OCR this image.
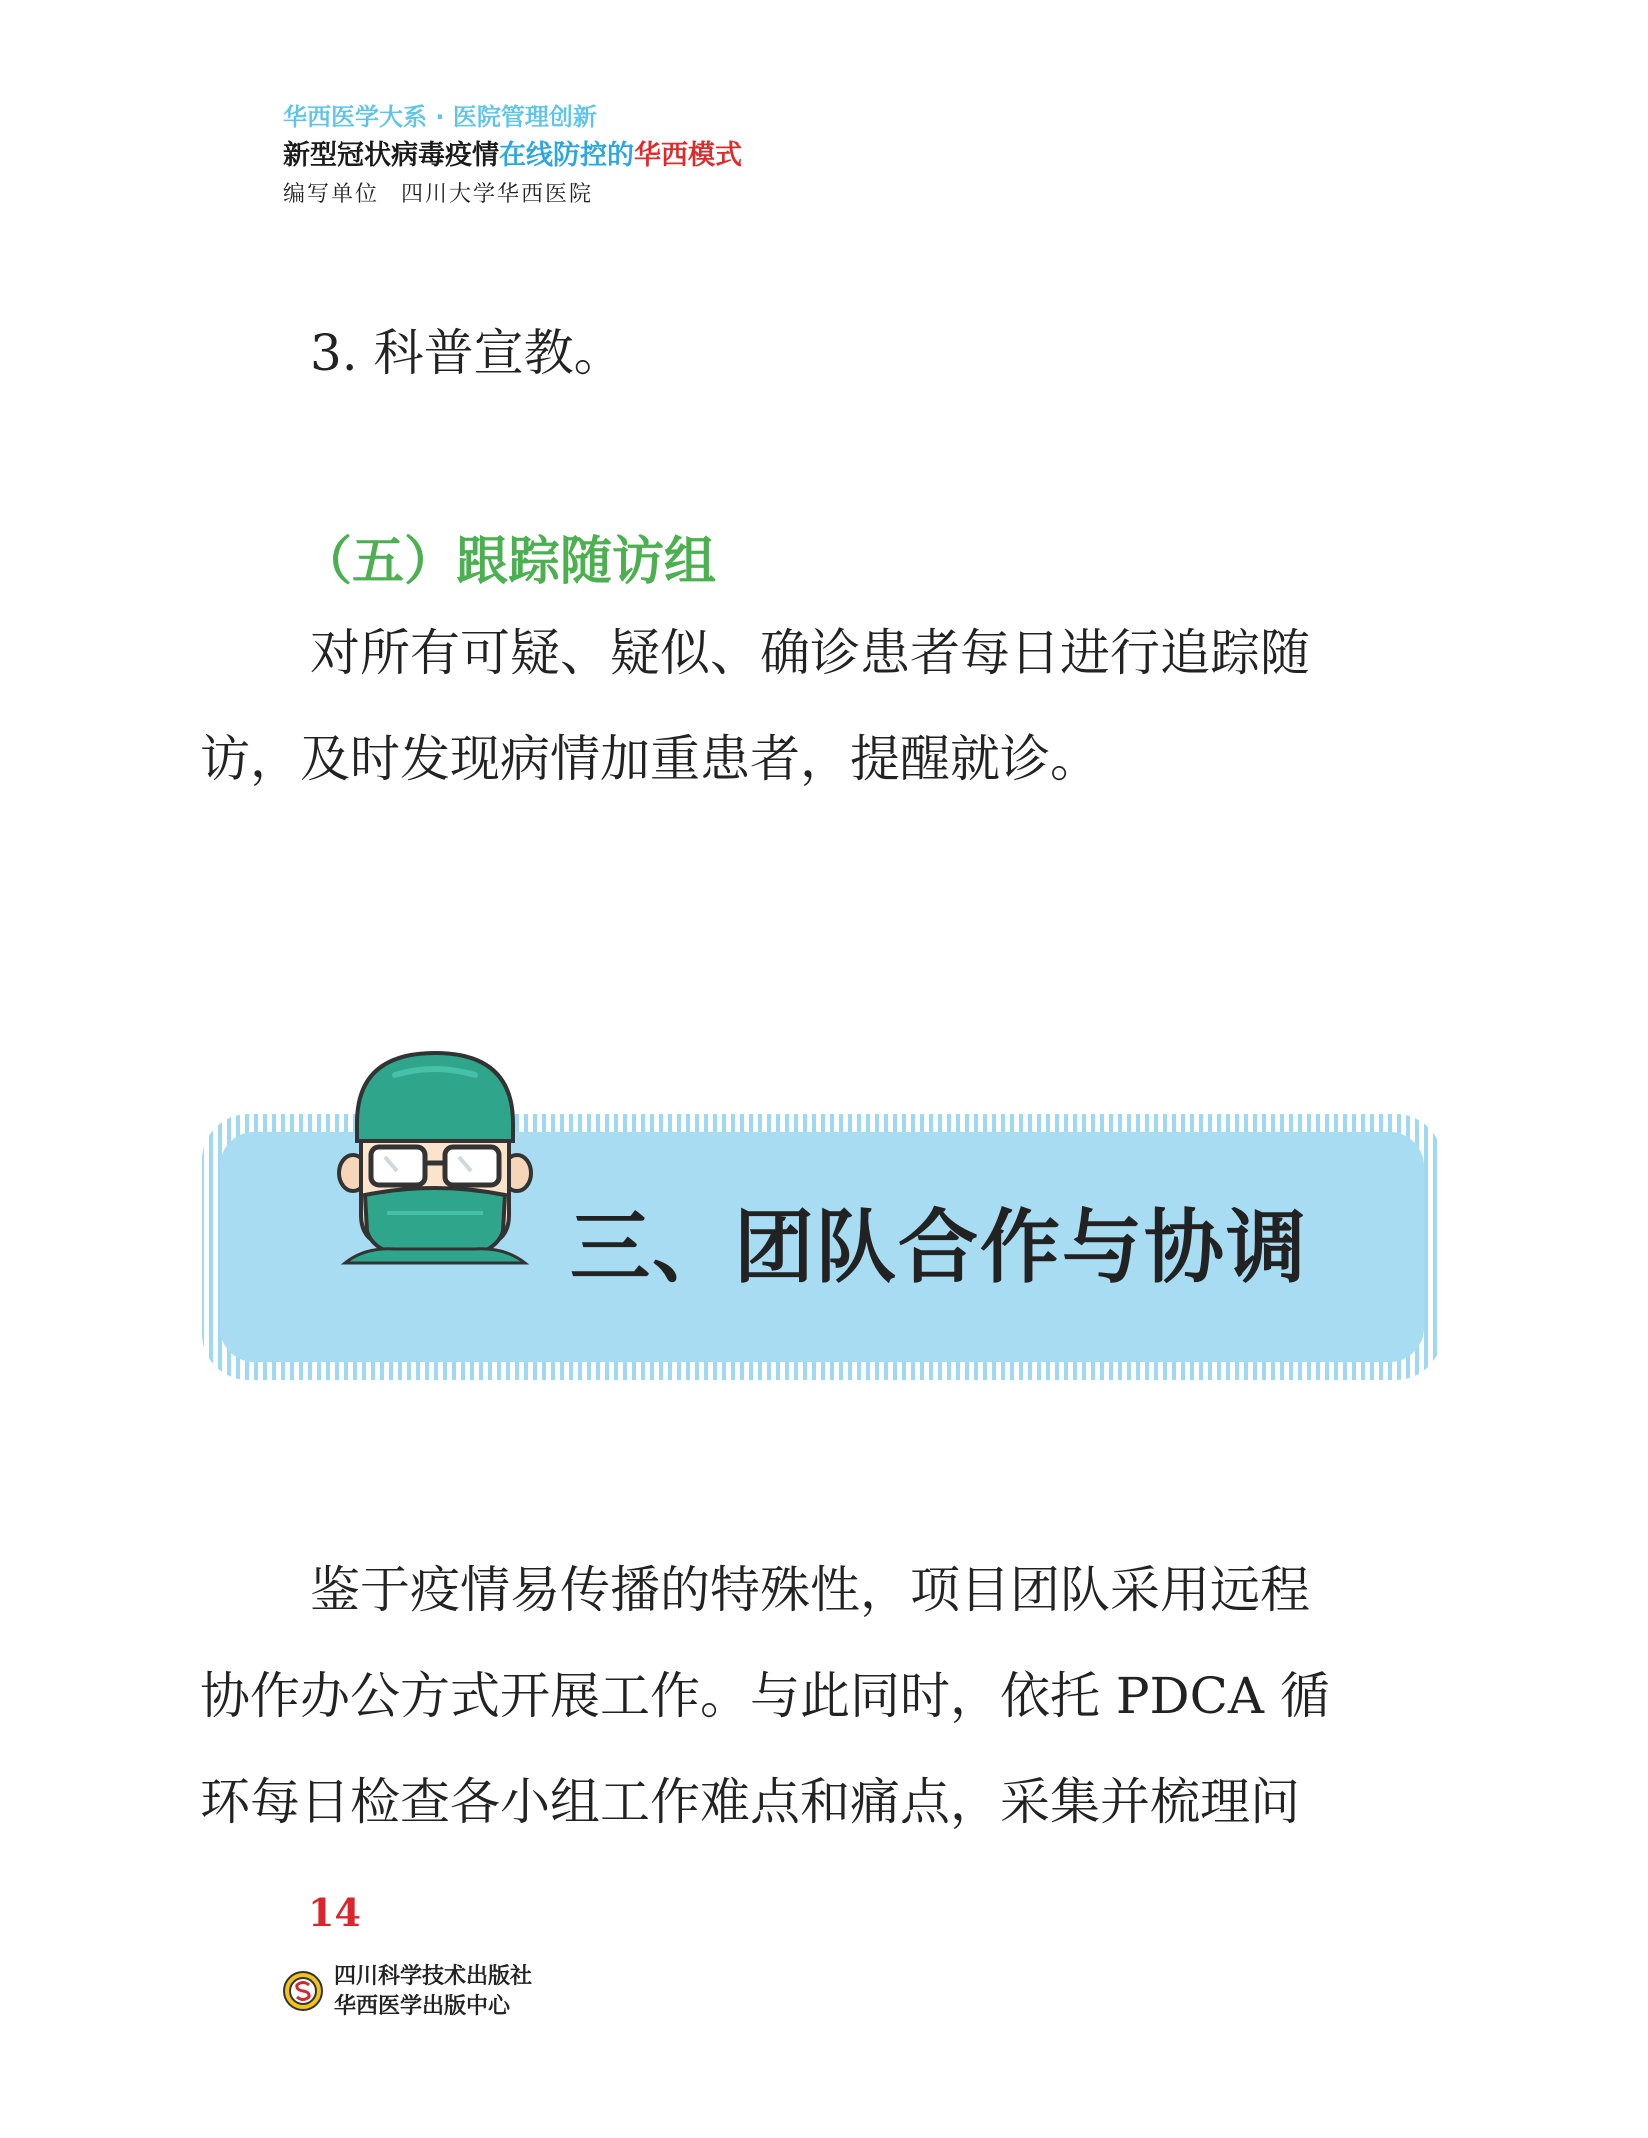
华西医学大系 · 医院管理创新
新型冠状病毒疫情在线防控的华西模式
编写单位 四川大学华西医院
3. 科普宣教。
（五）跟踪随访组
对所有可疑、疑似、确诊患者每日进行追踪随
访，及时发现病情加重患者，提醒就诊。
三、团队合作与协调
鉴于疫情易传播的特殊性，项目团队采用远程
协作办公方式开展工作。与此同时，依托 PDCA 循
环每日检查各小组工作难点和痛点，采集并梳理问
14
四川科学技术出版社
华西医学出版中心
